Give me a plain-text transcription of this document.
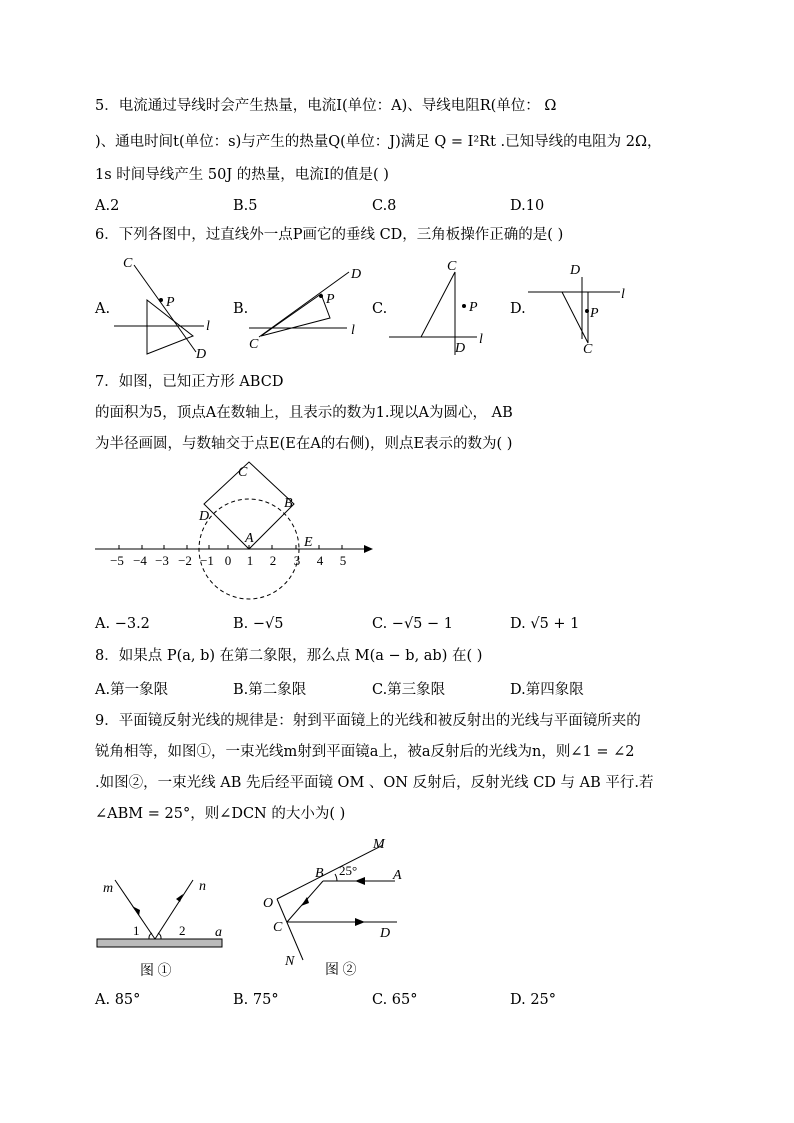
5．电流通过导线时会产生热量，电流I(单位：A)、导线电阻R(单位： Ω
)、通电时间t(单位：s)与产生的热量Q(单位：J)满足 Q = I²Rt .已知导线的电阻为 2Ω，
1s 时间导线产生 50J 的热量，电流I的值是( )
A.2	B.5	C.8	D.10
6．下列各图中，过直线外一点P画它的垂线 CD，三角板操作正确的是( )
A.	B.	C.	D.
C
P
l
D
D
P
C
l
C
P
D
l
D
l
P
C
7．如图，已知正方形 ABCD
的面积为5，顶点A在数轴上，且表示的数为1.现以A为圆心， AB
为半径画圆，与数轴交于点E(E在A的右侧)，则点E表示的数为( )
−5 −4 −3 −2 −1 0 1 2 3 4 5
C
D
B
A	E
A. −3.2	B. −√5	C. −√5 − 1	D. √5 + 1
8．如果点 P(a, b) 在第二象限，那么点 M(a − b, ab) 在( )
A.第一象限	B.第二象限	C.第三象限	D.第四象限
9．平面镜反射光线的规律是：射到平面镜上的光线和被反射出的光线与平面镜所夹的
锐角相等，如图①，一束光线m射到平面镜a上，被a反射后的光线为n，则∠1 = ∠2
.如图②，一束光线 AB 先后经平面镜 OM 、ON 反射后，反射光线 CD 与 AB 平行.若
∠ABM = 25°，则∠DCN 的大小为( )
m	n
1	2 a
图 ①
M
B 25°	A
O
C	D
N
图 ②
A. 85°	B. 75°	C. 65°	D. 25°
